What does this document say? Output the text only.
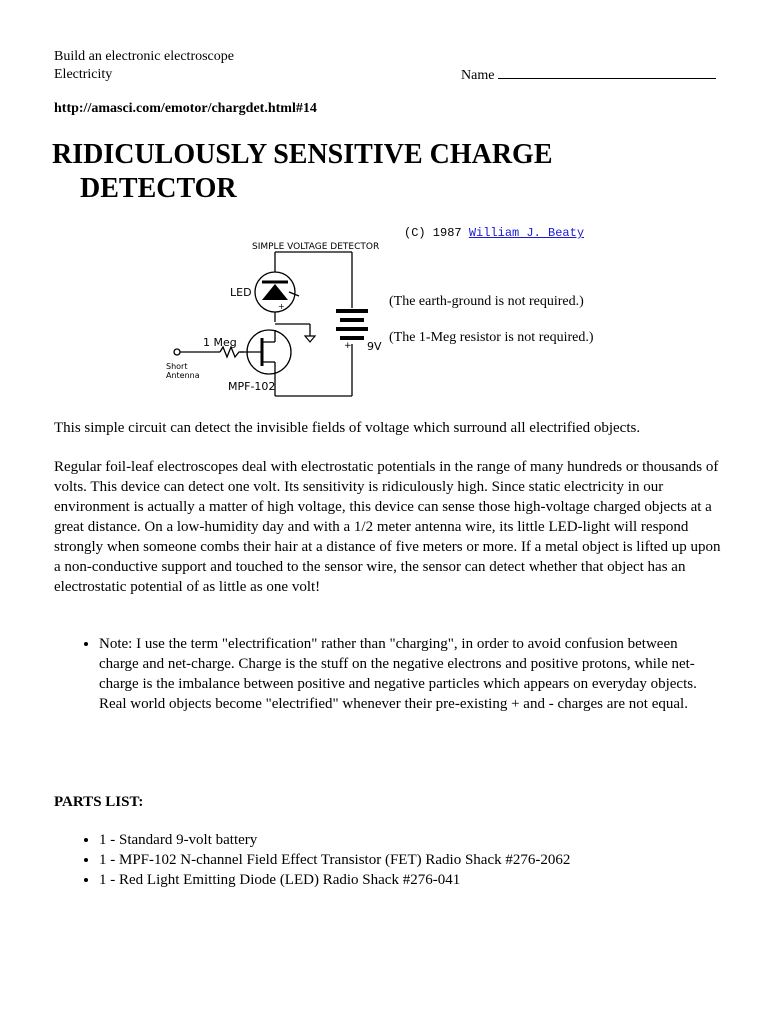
Build an electronic electroscope
Electricity	Name
http://amasci.com/emotor/chargdet.html#14
RIDICULOUSLY SENSITIVE CHARGE
DETECTOR
(C) 1987 William J. Beaty
SIMPLE VOLTAGE DETECTOR
LED
1 Meg
Short
Antenna
MPF-102
9V
+
+	(The earth-ground is not required.)
(The 1-Meg resistor is not required.)
This simple circuit can detect the invisible fields of voltage which surround all electrified objects.
Regular foil-leaf electroscopes deal with electrostatic potentials in the range of many hundreds or thousands of volts. This device can detect one volt. Its sensitivity is ridiculously high. Since static electricity in our environment is actually a matter of high voltage, this device can sense those high-voltage charged objects at a great distance. On a low-humidity day and with a 1/2 meter antenna wire, its little LED-light will respond strongly when someone combs their hair at a distance of five meters or more. If a metal object is lifted up upon a non-conductive support and touched to the sensor wire, the sensor can detect whether that object has an electrostatic potential of as little as one volt!
• Note: I use the term "electrification" rather than "charging", in order to avoid confusion between charge and net-charge. Charge is the stuff on the negative electrons and positive protons, while net-charge is the imbalance between positive and negative particles which appears on everyday objects. Real world objects become "electrified" whenever their pre-existing + and - charges are not equal.
PARTS LIST:
• 1 - Standard 9-volt battery
• 1 - MPF-102 N-channel Field Effect Transistor (FET) Radio Shack #276-2062
• 1 - Red Light Emitting Diode (LED) Radio Shack #276-041
